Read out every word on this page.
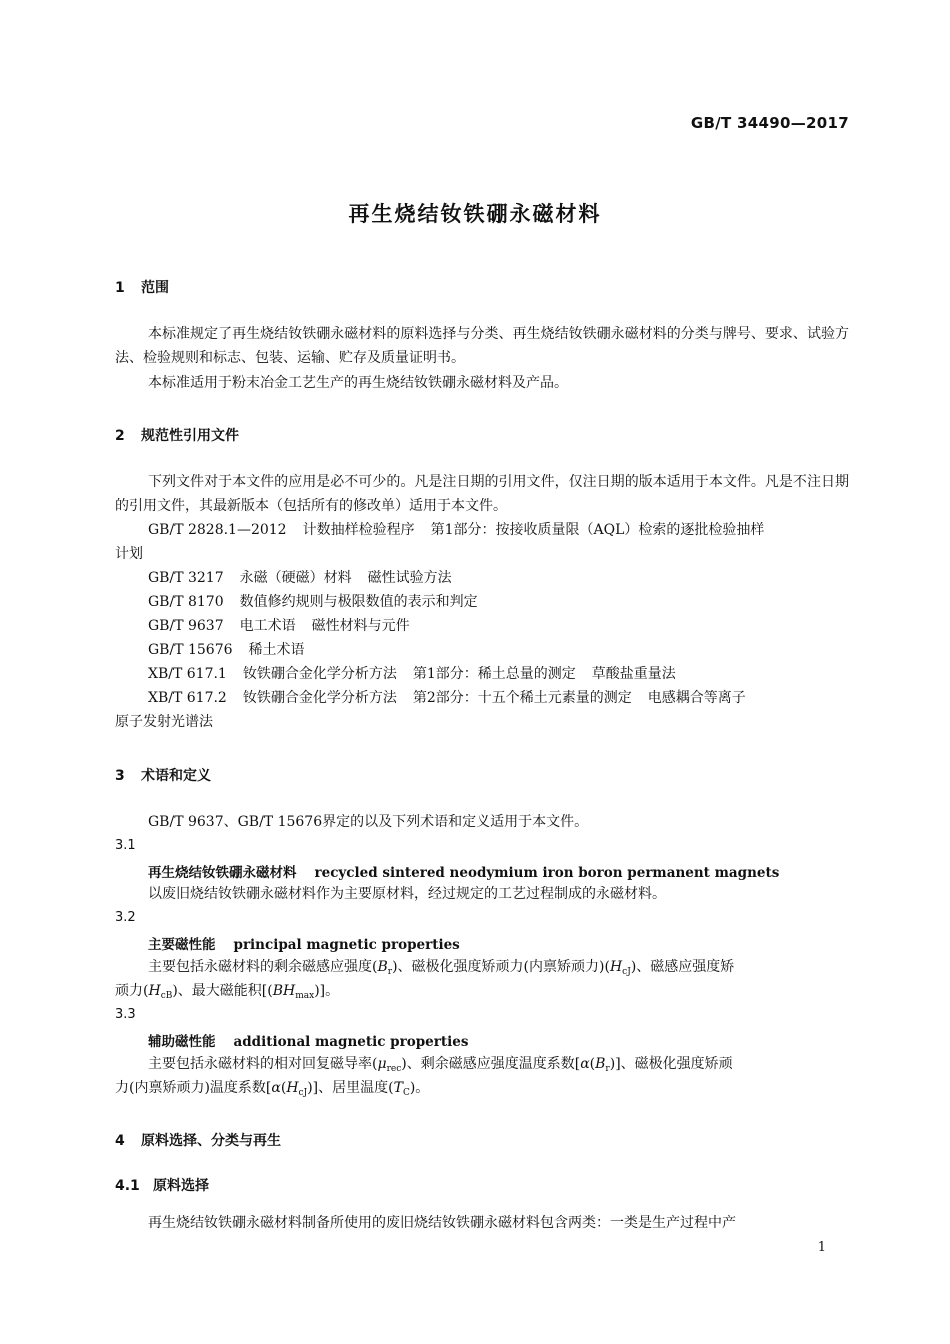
GB/T 34490—2017
再生烧结钕铁硼永磁材料
1 范围
本标准规定了再生烧结钕铁硼永磁材料的原料选择与分类、再生烧结钕铁硼永磁材料的分类与牌号、要求、试验方法、检验规则和标志、包装、运输、贮存及质量证明书。
本标准适用于粉末冶金工艺生产的再生烧结钕铁硼永磁材料及产品。
2 规范性引用文件
下列文件对于本文件的应用是必不可少的。凡是注日期的引用文件，仅注日期的版本适用于本文件。凡是不注日期的引用文件，其最新版本（包括所有的修改单）适用于本文件。
GB/T 2828.1—2012 计数抽样检验程序 第1部分：按接收质量限（AQL）检索的逐批检验抽样
计划
GB/T 3217 永磁（硬磁）材料 磁性试验方法
GB/T 8170 数值修约规则与极限数值的表示和判定
GB/T 9637 电工术语 磁性材料与元件
GB/T 15676 稀土术语
XB/T 617.1 钕铁硼合金化学分析方法 第1部分：稀土总量的测定 草酸盐重量法
XB/T 617.2 钕铁硼合金化学分析方法 第2部分：十五个稀土元素量的测定 电感耦合等离子
原子发射光谱法
3 术语和定义
GB/T 9637、GB/T 15676界定的以及下列术语和定义适用于本文件。
3.1
再生烧结钕铁硼永磁材料 recycled sintered neodymium iron boron permanent magnets
以废旧烧结钕铁硼永磁材料作为主要原材料，经过规定的工艺过程制成的永磁材料。
3.2
主要磁性能 principal magnetic properties
主要包括永磁材料的剩余磁感应强度$(B_r)$、磁极化强度矫顽力(内禀矫顽力)$(H_{cJ})$、磁感应强度矫
顽力$(H_{cB})$、最大磁能积$[(BH_{max})]$。
3.3
辅助磁性能 additional magnetic properties
主要包括永磁材料的相对回复磁导率$(\mu_{rec})$、剩余磁感应强度温度系数$[\alpha(B_r)]$、磁极化强度矫顽
力(内禀矫顽力)温度系数$[\alpha(H_{cJ})]$、居里温度$(T_C)$。
4 原料选择、分类与再生
4.1 原料选择
再生烧结钕铁硼永磁材料制备所使用的废旧烧结钕铁硼永磁材料包含两类：一类是生产过程中产
1
